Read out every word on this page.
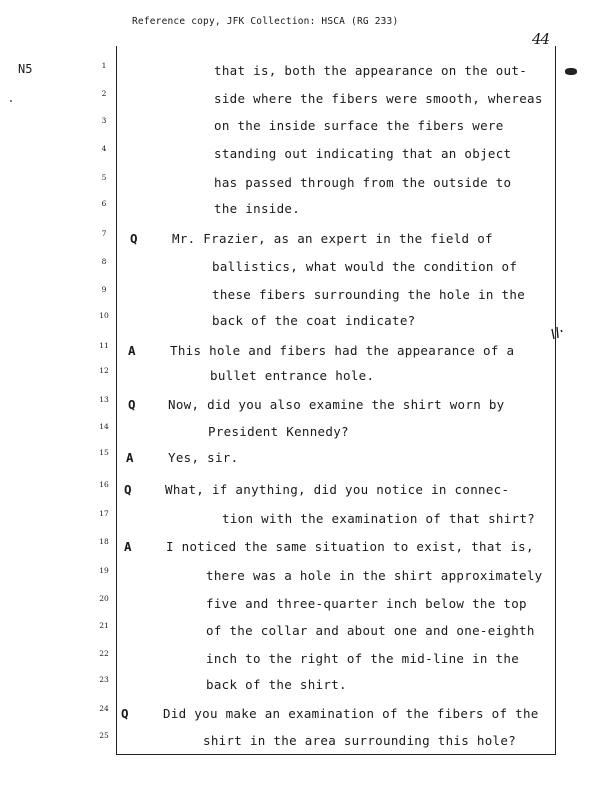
Reference copy, JFK Collection: HSCA (RG 233)
N5
44
1	that is, both the appearance on the out-
2	side where the fibers were smooth, whereas
3	on the inside surface the fibers were
4	standing out indicating that an object
5	has passed through from the outside to
6	the inside.
7	Q	Mr. Frazier, as an expert in the field of
8	ballistics, what would the condition of
9	these fibers surrounding the hole in the
10	back of the coat indicate?
11 A	This hole and fibers had the appearance of a
12	bullet entrance hole.
13 Q	Now, did you also examine the shirt worn by
14	President Kennedy?
15 A	Yes, sir.
16 Q	What, if anything, did you notice in connec-
17	tion with the examination of that shirt?
18 A	I noticed the same situation to exist, that is,
19	there was a hole in the shirt approximately
20	five and three-quarter inch below the top
21	of the collar and about one and one-eighth
22	inch to the right of the mid-line in the
23	back of the shirt.
24 Q	Did you make an examination of the fibers of the
25	shirt in the area surrounding this hole?
